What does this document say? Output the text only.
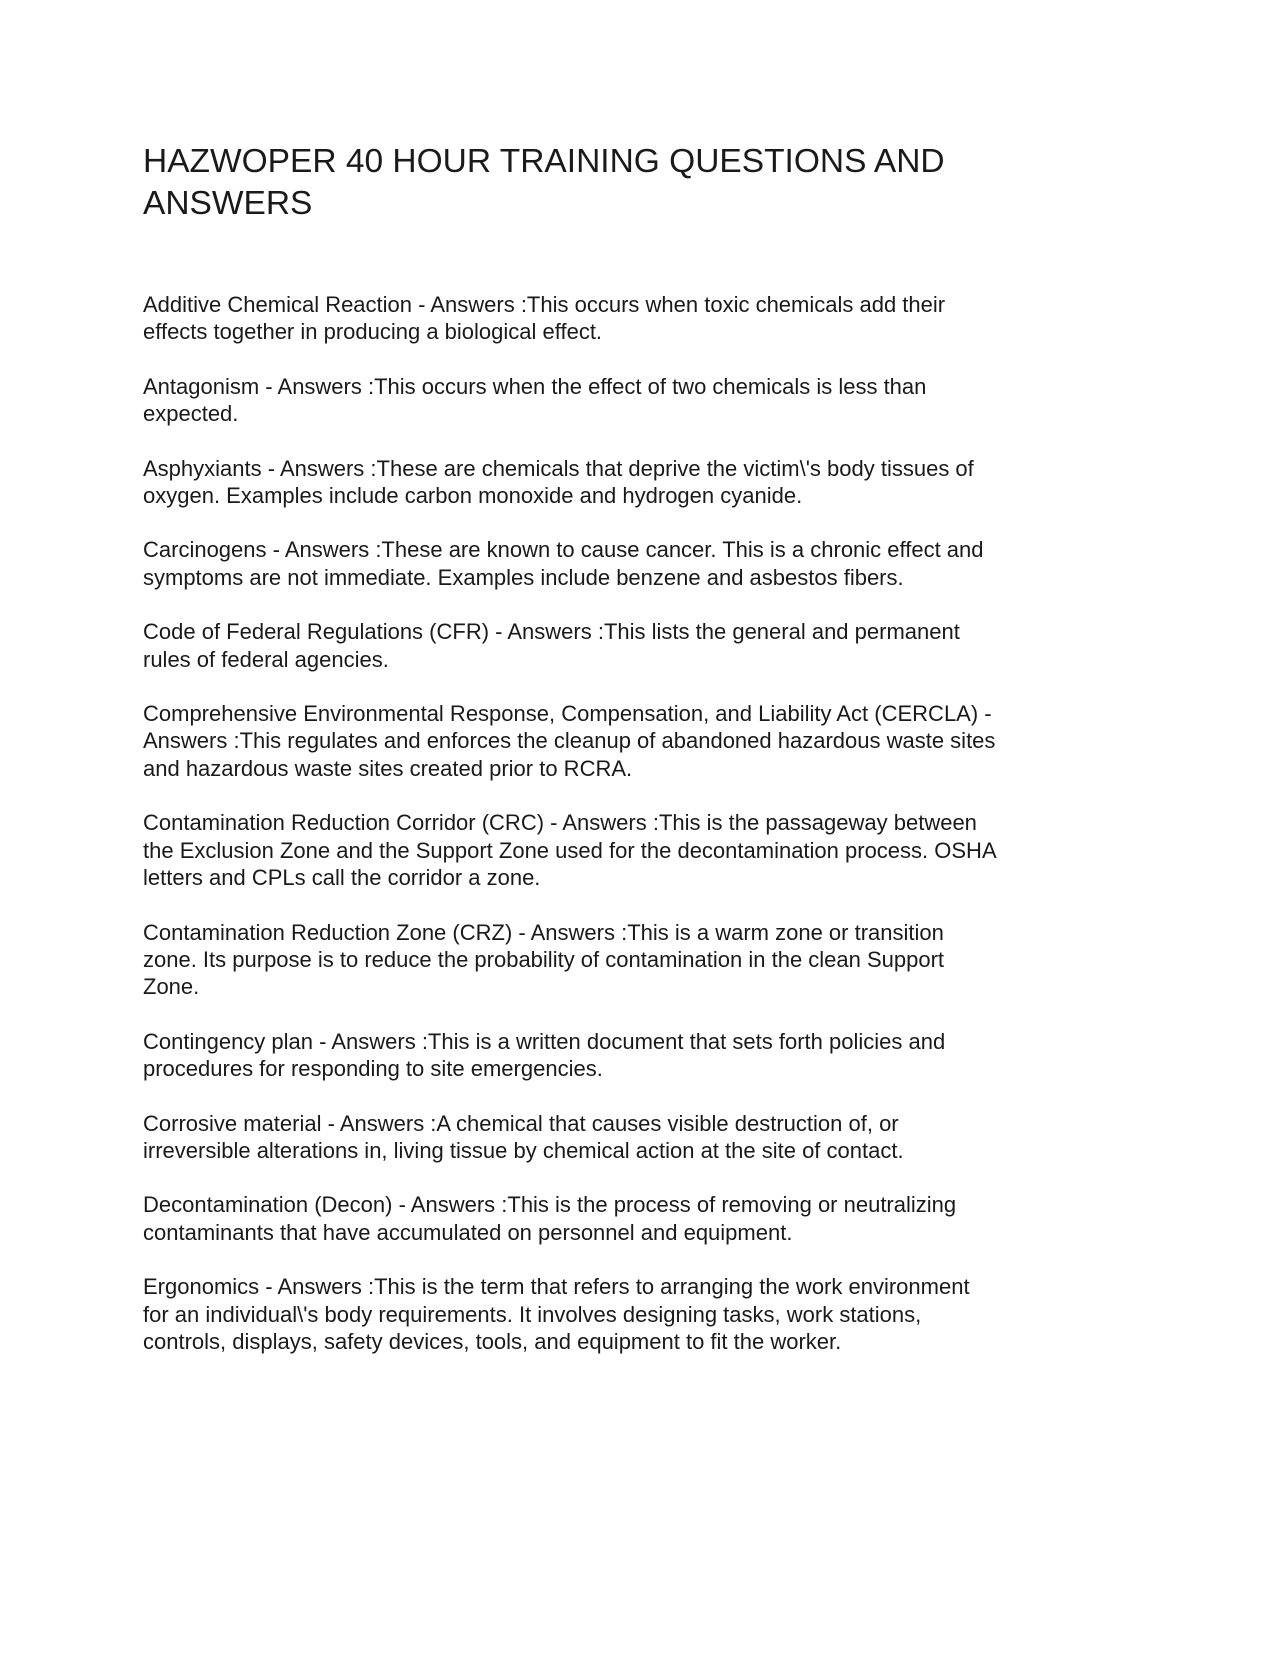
HAZWOPER 40 HOUR TRAINING QUESTIONS AND
ANSWERS

Additive Chemical Reaction - Answers :This occurs when toxic chemicals add their
effects together in producing a biological effect.

Antagonism - Answers :This occurs when the effect of two chemicals is less than
expected.

Asphyxiants - Answers :These are chemicals that deprive the victim\'s body tissues of
oxygen. Examples include carbon monoxide and hydrogen cyanide.

Carcinogens - Answers :These are known to cause cancer. This is a chronic effect and
symptoms are not immediate. Examples include benzene and asbestos fibers.

Code of Federal Regulations (CFR) - Answers :This lists the general and permanent
rules of federal agencies.

Comprehensive Environmental Response, Compensation, and Liability Act (CERCLA) -
Answers :This regulates and enforces the cleanup of abandoned hazardous waste sites
and hazardous waste sites created prior to RCRA.

Contamination Reduction Corridor (CRC) - Answers :This is the passageway between
the Exclusion Zone and the Support Zone used for the decontamination process. OSHA
letters and CPLs call the corridor a zone.

Contamination Reduction Zone (CRZ) - Answers :This is a warm zone or transition
zone. Its purpose is to reduce the probability of contamination in the clean Support
Zone.

Contingency plan - Answers :This is a written document that sets forth policies and
procedures for responding to site emergencies.

Corrosive material - Answers :A chemical that causes visible destruction of, or
irreversible alterations in, living tissue by chemical action at the site of contact.

Decontamination (Decon) - Answers :This is the process of removing or neutralizing
contaminants that have accumulated on personnel and equipment.

Ergonomics - Answers :This is the term that refers to arranging the work environment
for an individual\'s body requirements. It involves designing tasks, work stations,
controls, displays, safety devices, tools, and equipment to fit the worker.
